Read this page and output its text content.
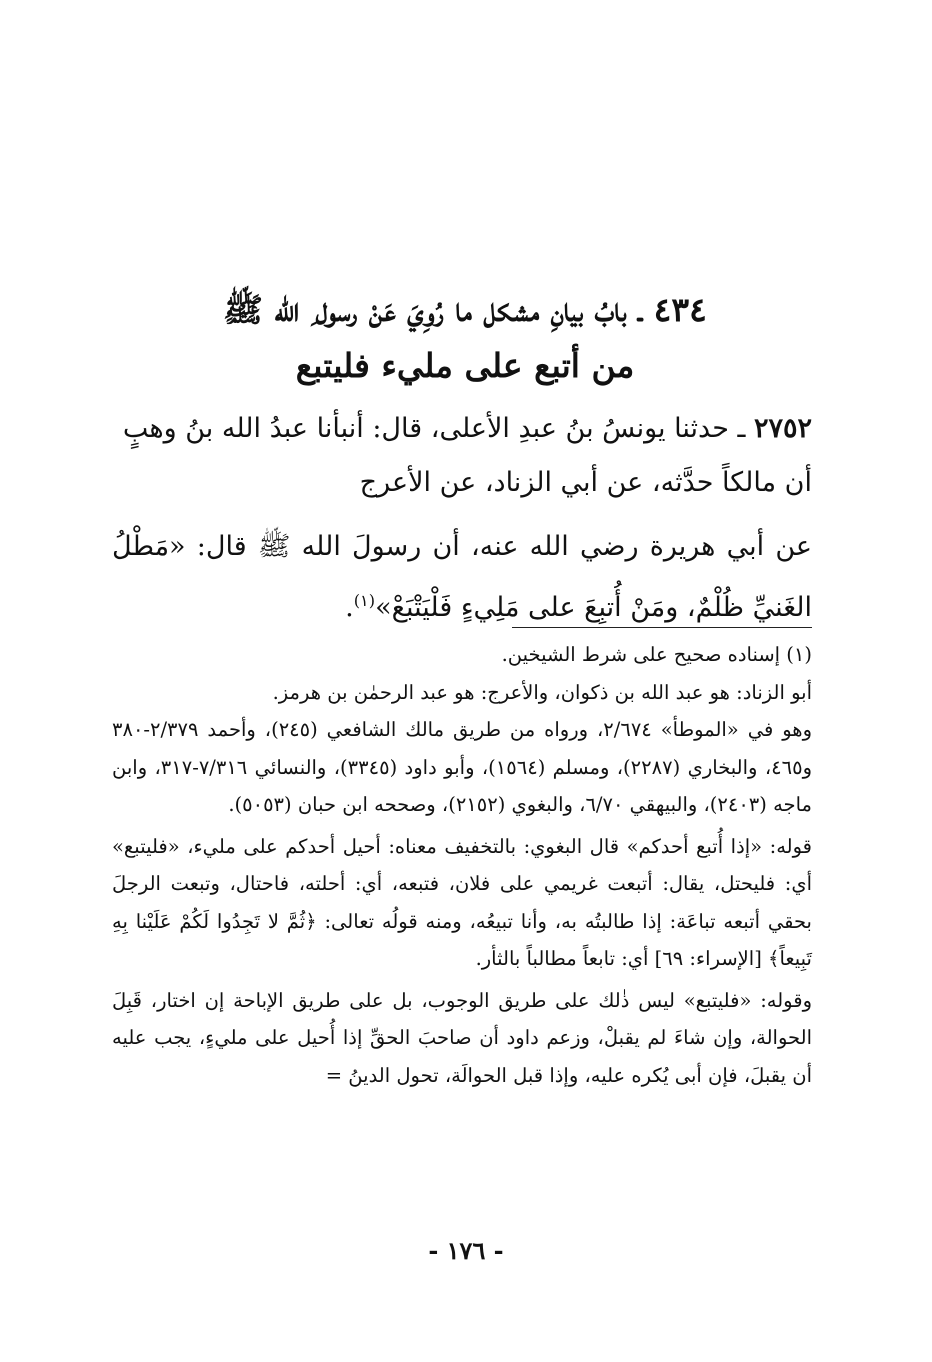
٤٣٤ ـ بابُ بيانِ مشكل ما رُوِيَ عَنْ رسول ِ الله ﷺ
من أتبع على مليء فليتبع

٢٧٥٢ ـ حدثنا يونسُ بنُ عبدِ الأعلى، قال: أنبأنا عبدُ الله بنُ وهبٍ
أن مالكاً حدَّثه، عن أبي الزناد، عن الأعرج

عن أبي هريرة رضي الله عنه، أن رسولَ الله ﷺ قال: «مَطْلُ الغَنيِّ ظُلْمٌ، ومَنْ أُتبِعَ على مَلِيءٍ فَلْيَتْبَعْ»$^{(١)}$.

(١) إسناده صحيح على شرط الشيخين.

أبو الزناد: هو عبد الله بن ذكوان، والأعرج: هو عبد الرحمٰن بن هرمز.

وهو في «الموطأ» ٢/٦٧٤، ورواه من طريق مالك الشافعي (٢٤٥)، وأحمد ٢/٣٧٩-٣٨٠ و٤٦٥، والبخاري (٢٢٨٧)، ومسلم (١٥٦٤)، وأبو داود (٣٣٤٥)، والنسائي ٧/٣١٦-٣١٧، وابن ماجه (٢٤٠٣)، والبيهقي ٦/٧٠، والبغوي (٢١٥٢)، وصححه ابن حبان (٥٠٥٣).

قوله: «إذا أُتبع أحدكم» قال البغوي: بالتخفيف معناه: أحيل أحدكم على مليء، «فليتبع» أي: فليحتل، يقال: أتبعت غريمي على فلان، فتبعه، أي: أحلته، فاحتال، وتبعت الرجلَ بحقي أتبعه تباعَة: إذا طالبتُه به، وأنا تبيعُه، ومنه قولُه تعالى: ﴿ثُمَّ لا تَجِدُوا لَكُمْ عَلَيْنا بِهِ تَبِيعاً﴾ [الإسراء: ٦٩] أي: تابعاً مطالباً بالثأر.

وقوله: «فليتبع» ليس ذٰلك على طريق الوجوب، بل على طريق الإباحة إن اختار، قَبِلَ الحوالة، وإن شاءَ لم يقبلْ، وزعم داود أن صاحبَ الحقِّ إذا أُحيل على مليءٍ، يجب عليه أن يقبلَ، فإن أبى يُكره عليه، وإذا قبل الحوالَة، تحول الدينُ =

- ١٧٦ -
